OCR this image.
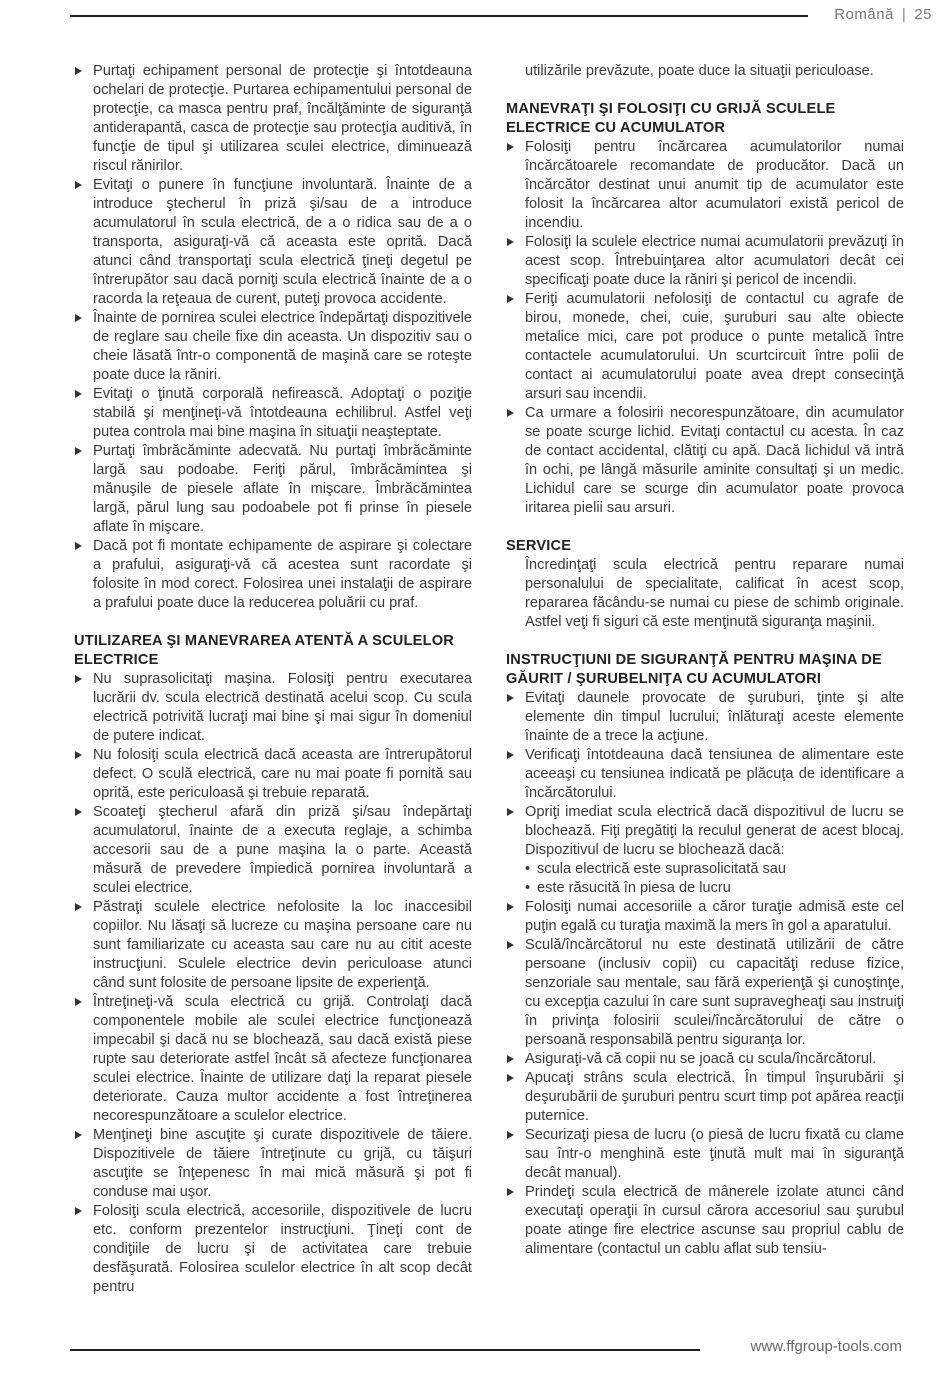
Română | 25

Purtaţi echipament personal de protecţie şi întotdeauna ochelari de protecţie. Purtarea echipamentului personal de protecţie, ca masca pentru praf, încălţăminte de siguranţă antiderapantă, casca de protecţie sau protecţia auditivă, în funcţie de tipul şi utilizarea sculei electrice, diminuează riscul rănirilor.

Evitaţi o punere în funcţiune involuntară. Înainte de a introduce ştecherul în priză şi/sau de a introduce acumulatorul în scula electrică, de a o ridica sau de a o transporta, asiguraţi-vă că aceasta este oprită. Dacă atunci când transportaţi scula electrică ţineţi degetul pe întrerupător sau dacă porniţi scula electrică înainte de a o racorda la reţeaua de curent, puteţi provoca accidente.

Înainte de pornirea sculei electrice îndepărtaţi dispozitivele de reglare sau cheile fixe din aceasta. Un dispozitiv sau o cheie lăsată într-o componentă de maşină care se roteşte poate duce la răniri.

Evitaţi o ţinută corporală nefirească. Adoptaţi o poziţie stabilă şi menţineţi-vă întotdeauna echilibrul. Astfel veţi putea controla mai bine maşina în situaţii neaşteptate.

Purtaţi îmbrăcăminte adecvată. Nu purtaţi îmbrăcăminte largă sau podoabe. Feriţi părul, îmbrăcămintea şi mănuşile de piesele aflate în mişcare. Îmbrăcămintea largă, părul lung sau podoabele pot fi prinse în piesele aflate în mişcare.

Dacă pot fi montate echipamente de aspirare şi colectare a prafului, asiguraţi-vă că acestea sunt racordate şi folosite în mod corect. Folosirea unei instalaţii de aspirare a prafului poate duce la reducerea poluării cu praf.

UTILIZAREA ŞI MANEVRAREA ATENTĂ A SCULELOR ELECTRICE

Nu suprasolicitaţi maşina. Folosiţi pentru executarea lucrării dv. scula electrică destinată acelui scop. Cu scula electrică potrivită lucraţi mai bine şi mai sigur în domeniul de putere indicat.

Nu folosiţi scula electrică dacă aceasta are întrerupătorul defect. O sculă electrică, care nu mai poate fi pornită sau oprită, este periculoasă şi trebuie reparată.

Scoateţi ştecherul afară din priză şi/sau îndepărtaţi acumulatorul, înainte de a executa reglaje, a schimba accesorii sau de a pune maşina la o parte. Această măsură de prevedere împiedică pornirea involuntară a sculei electrice.

Păstraţi sculele electrice nefolosite la loc inaccesibil copiilor. Nu lăsaţi să lucreze cu maşina persoane care nu sunt familiarizate cu aceasta sau care nu au citit aceste instrucţiuni. Sculele electrice devin periculoase atunci când sunt folosite de persoane lipsite de experienţă.

Întreţineţi-vă scula electrică cu grijă. Controlaţi dacă componentele mobile ale sculei electrice funcţionează impecabil şi dacă nu se blochează, sau dacă există piese rupte sau deteriorate astfel încât să afecteze funcţionarea sculei electrice. Înainte de utilizare daţi la reparat piesele deteriorate. Cauza multor accidente a fost întreţinerea necorespunzătoare a sculelor electrice.

Menţineţi bine ascuţite şi curate dispozitivele de tăiere. Dispozitivele de tăiere întreţinute cu grijă, cu tăişuri ascuţite se înţepenesc în mai mică măsură şi pot fi conduse mai uşor.

Folosiţi scula electrică, accesoriile, dispozitivele de lucru etc. conform prezentelor instrucţiuni. Ţineţi cont de condiţiile de lucru şi de activitatea care trebuie desfăşurată. Folosirea sculelor electrice în alt scop decât pentru

utilizările prevăzute, poate duce la situaţii periculoase.

MANEVRAŢI ŞI FOLOSIŢI CU GRIJĂ SCULELE ELECTRICE CU ACUMULATOR

Folosiţi pentru încărcarea acumulatorilor numai încărcătoarele recomandate de producător. Dacă un încărcător destinat unui anumit tip de acumulator este folosit la încărcarea altor acumulatori există pericol de incendiu.

Folosiţi la sculele electrice numai acumulatorii prevăzuţi în acest scop. Întrebuinţarea altor acumulatori decât cei specificaţi poate duce la răniri şi pericol de incendii.

Feriţi acumulatorii nefolosiţi de contactul cu agrafe de birou, monede, chei, cuie, şuruburi sau alte obiecte metalice mici, care pot produce o punte metalică între contactele acumulatorului. Un scurtcircuit între polii de contact ai acumulatorului poate avea drept consecinţă arsuri sau incendii.

Ca urmare a folosirii necorespunzătoare, din acumulator se poate scurge lichid. Evitaţi contactul cu acesta. În caz de contact accidental, clătiţi cu apă. Dacă lichidul vă intră în ochi, pe lângă măsurile aminite consultaţi şi un medic. Lichidul care se scurge din acumulator poate provoca iritarea pielii sau arsuri.

SERVICE

Încredinţaţi scula electrică pentru reparare numai personalului de specialitate, calificat în acest scop, repararea făcându-se numai cu piese de schimb originale. Astfel veţi fi siguri că este menţinută siguranţa maşinii.

INSTRUCŢIUNI DE SIGURANŢĂ PENTRU MAŞINA DE GĂURIT / ŞURUBELNIŢA CU ACUMULATORI

Evitaţi daunele provocate de şuruburi, ţinte şi alte elemente din timpul lucrului; înlăturaţi aceste elemente înainte de a trece la acţiune.

Verificaţi întotdeauna dacă tensiunea de alimentare este aceeaşi cu tensiunea indicată pe plăcuţa de identificare a încărcătorului.

Opriţi imediat scula electrică dacă dispozitivul de lucru se blochează. Fiţi pregătiţi la reculul generat de acest blocaj. Dispozitivul de lucru se blochează dacă:

• scula electrică este suprasolicitată sau

• este răsucită în piesa de lucru

Folosiţi numai accesoriile a căror turaţie admisă este cel puţin egală cu turaţia maximă la mers în gol a aparatului.

Sculă/încărcătorul nu este destinată utilizării de către persoane (inclusiv copii) cu capacităţi reduse fizice, senzoriale sau mentale, sau fără experienţă şi cunoştinţe, cu excepţia cazului în care sunt supravegheaţi sau instruiţi în privinţa folosirii sculei/încărcătorului de către o persoană responsabilă pentru siguranţa lor.

Asiguraţi-vă că copii nu se joacă cu scula/încărcătorul.

Apucaţi strâns scula electrică. În timpul înşurubării şi deşurubării de şuruburi pentru scurt timp pot apărea reacţii puternice.

Securizaţi piesa de lucru (o piesă de lucru fixată cu clame sau într-o menghină este ţinută mult mai în siguranţă decât manual).

Prindeţi scula electrică de mânerele izolate atunci când executaţi operaţii în cursul cărora accesoriul sau şurubul poate atinge fire electrice ascunse sau propriul cablu de alimentare (contactul un cablu aflat sub tensiu-

www.ffgroup-tools.com
